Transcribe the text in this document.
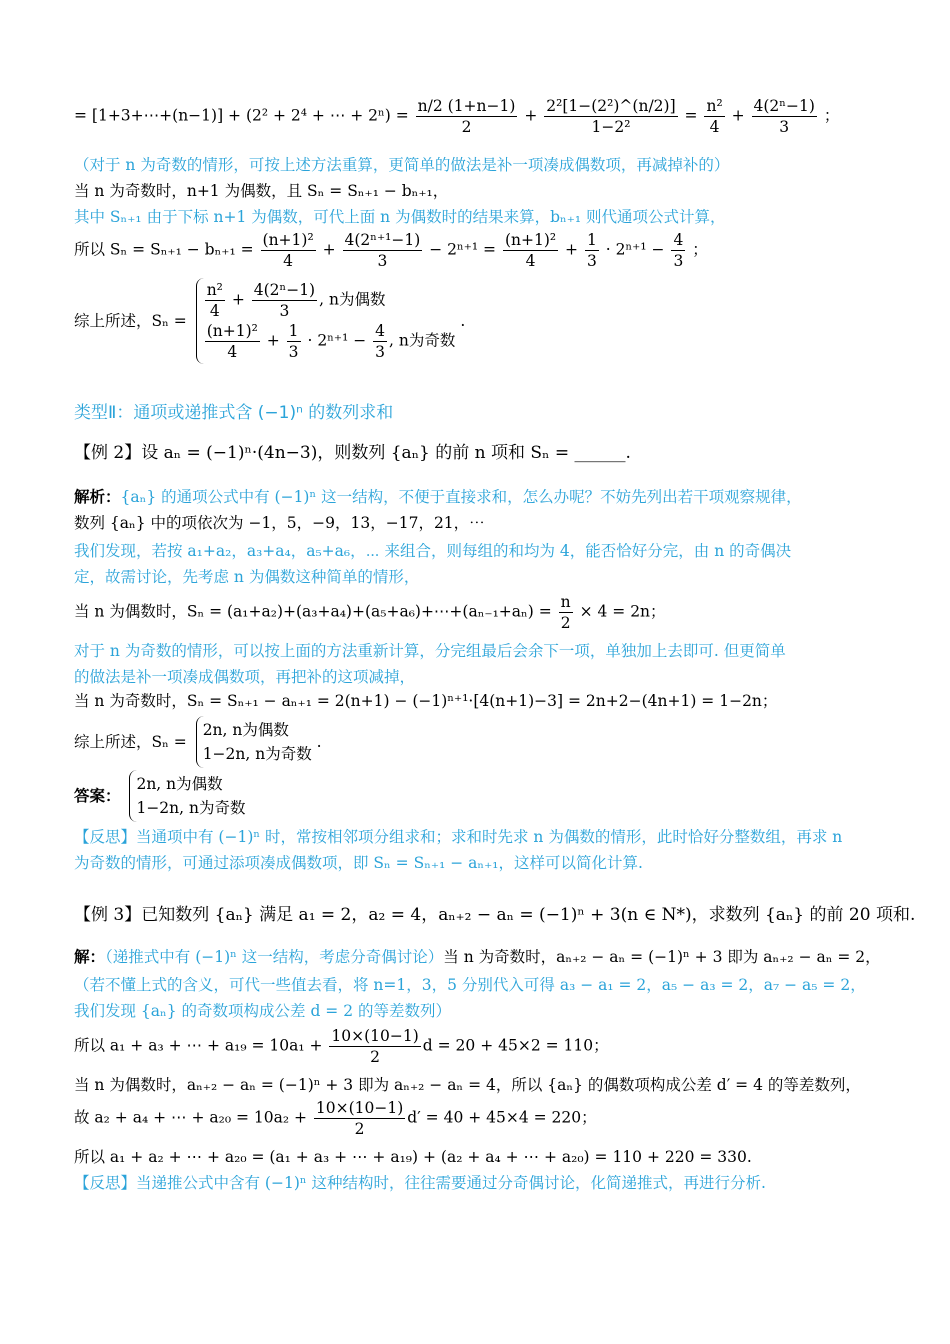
= [1+3+⋯+(n−1)] + (2² + 2⁴ + ⋯ + $2^n) = \frac{n/2 (1+n-1)}{2} + \frac{\text{2²[1−(2²)\textasciicircum{}(n/2)]}}{\text{1−2²}} = \frac{\text{n²}}{4} + \frac{\text{4(2ⁿ−1)}}{3}$ ；
（对于 n 为奇数的情形，可按上述方法重算，更简单的做法是补一项凑成偶数项，再减掉补的）
当 n 为奇数时，n+1 为偶数，且 Sₙ = Sₙ₊₁ − bₙ₊₁，
其中 Sₙ₊₁ 由于下标 n+1 为偶数，可代上面 n 为偶数时的结果来算，bₙ₊₁ 则代通项公式计算，
所以 $S_n = S_{n+1} - b_{n+1} = \frac{\text{(n+1)²}}{4} + \frac{\text{4(2ⁿ⁺¹−1)}}{3} - 2^{n+1} = \frac{\text{(n+1)²}}{4} + \frac{1}{3} \cdot 2^{n+1} - \frac{4}{3}$ ；
综上所述，$S_n = \frac{\text{n²}}{4} + \frac{\text{4(2ⁿ−1)}}{3}$ , n为偶数
$\frac{\text{(n+1)²}}{4} + \frac{1}{3} \cdot 2^{n+1} - \frac{4}{3}$ , n为奇数
.
类型Ⅱ：通项或递推式含 (−1)ⁿ 的数列求和
【例 2】设 aₙ = (−1)ⁿ·(4n−3)，则数列 {aₙ} 的前 n 项和 Sₙ = ______.
解析：{aₙ} 的通项公式中有 (−1)ⁿ 这一结构，不便于直接求和，怎么办呢？不妨先列出若干项观察规律，
数列 {aₙ} 中的项依次为 −1，5，−9，13，−17，21，⋯
我们发现，若按 a₁+a₂，a₃+a₄，a₅+a₆，⋯ 来组合，则每组的和均为 4，能否恰好分完，由 n 的奇偶决
定，故需讨论，先考虑 n 为偶数这种简单的情形，
当 n 为偶数时，Sₙ = (a₁+a₂)+(a₃+a₄)+(a₅+a₆)+⋯+(aₙ₋₁+aₙ) = $\frac{n}{2} \times 4 = 2n$；
对于 n 为奇数的情形，可以按上面的方法重新计算，分完组最后会余下一项，单独加上去即可. 但更简单
的做法是补一项凑成偶数项，再把补的这项减掉，
当 n 为奇数时，Sₙ = Sₙ₊₁ − aₙ₊₁ = 2(n+1) − (−1)ⁿ⁺¹·[4(n+1)−3] = 2n+2−(4n+1) = 1−2n；
综上所述，Sₙ =
2n, n为偶数
1−2n, n为奇数
.
答案：
2n, n为偶数
1−2n, n为奇数
【反思】当通项中有 (−1)ⁿ 时，常按相邻项分组求和；求和时先求 n 为偶数的情形，此时恰好分整数组，再求 n
为奇数的情形，可通过添项凑成偶数项，即 Sₙ = Sₙ₊₁ − aₙ₊₁，这样可以简化计算.
【例 3】已知数列 {aₙ} 满足 a₁ = 2，a₂ = 4，aₙ₊₂ − aₙ = (−1)ⁿ + 3(n ∈ N*)，求数列 {aₙ} 的前 20 项和.
解：（递推式中有 (−1)ⁿ 这一结构，考虑分奇偶讨论）当 n 为奇数时，aₙ₊₂ − aₙ = (−1)ⁿ + 3 即为 aₙ₊₂ − aₙ = 2，
（若不懂上式的含义，可代一些值去看，将 n=1，3，5 分别代入可得 a₃ − a₁ = 2，a₅ − a₃ = 2，a₇ − a₅ = 2，
我们发现 {aₙ} 的奇数项构成公差 d = 2 的等差数列）
所以 a₁ + a₃ + ⋯ + $a_{19} = 10a_1 + \frac{10\times(10-1)}{2}$ d = 20 + 45×2 = 110；
当 n 为偶数时，aₙ₊₂ − aₙ = (−1)ⁿ + 3 即为 aₙ₊₂ − aₙ = 4，所以 {aₙ} 的偶数项构成公差 d′ = 4 的等差数列，
故 a₂ + a₄ + ⋯ + $a_{20} = 10a_2 + \frac{10\times(10-1)}{2} d' = 40 + 45\times 4 = 220$；
所以 a₁ + a₂ + ⋯ + a₂₀ = (a₁ + a₃ + ⋯ + a₁₉) + (a₂ + a₄ + ⋯ + a₂₀) = 110 + 220 = 330.
【反思】当递推公式中含有 (−1)ⁿ 这种结构时，往往需要通过分奇偶讨论，化简递推式，再进行分析.
